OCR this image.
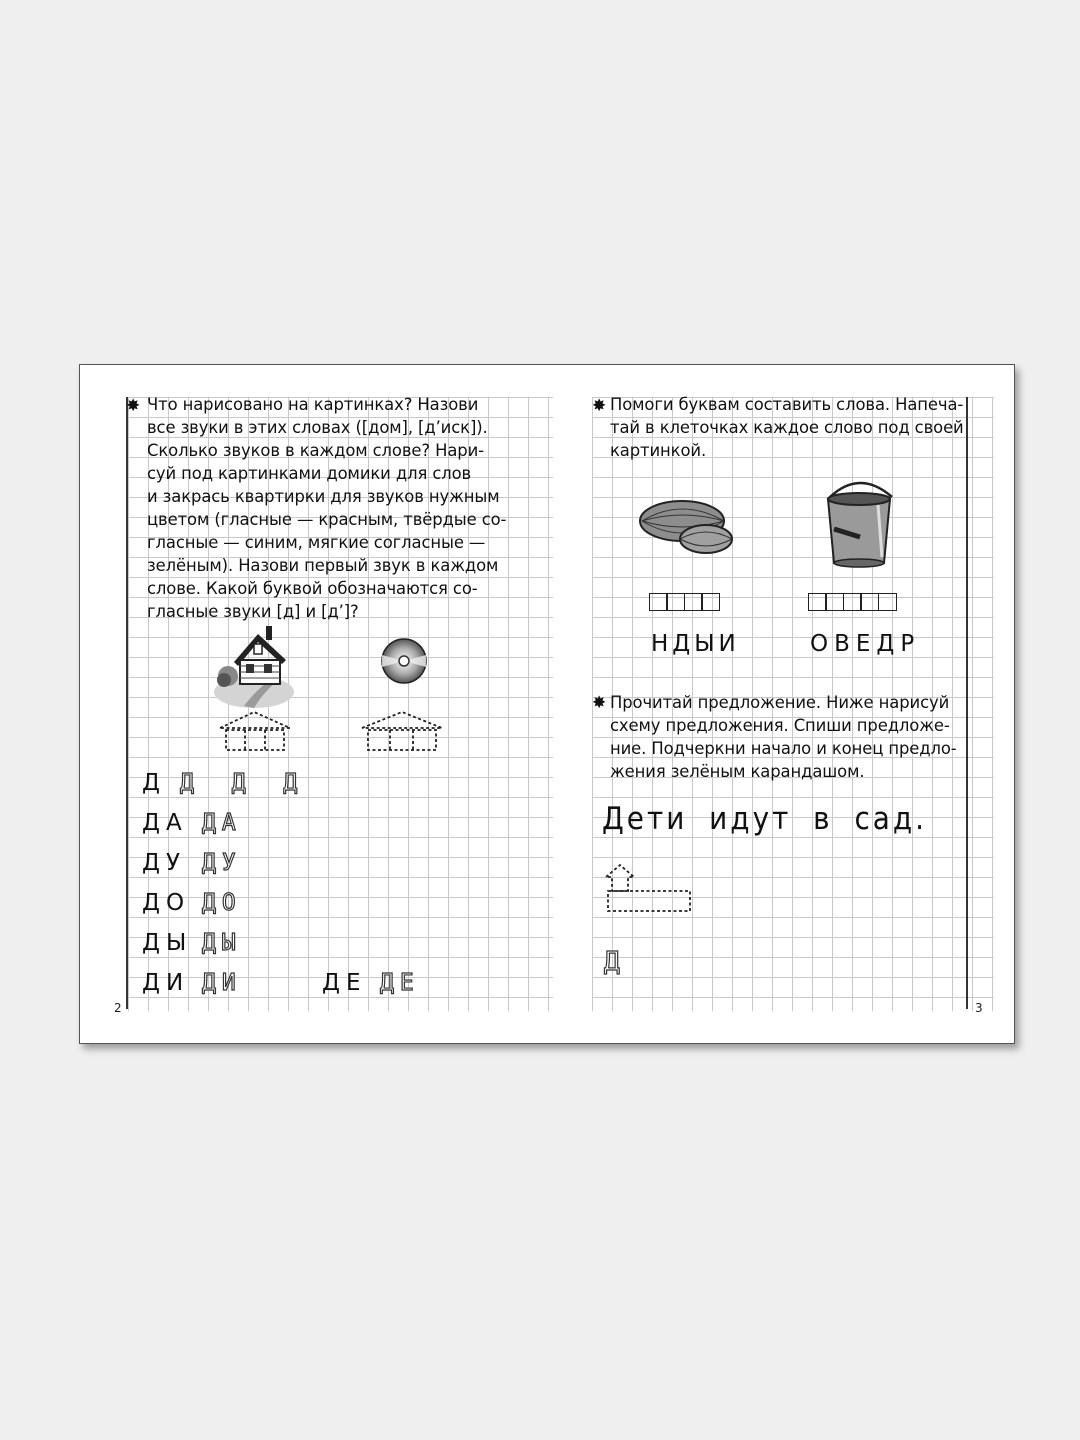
✸ Что нарисовано на картинках? Назови
все звуки в этих словах ([дом], [д’иск]).
Сколько звуков в каждом слове? Нари-
суй под картинками домики для слов
и закрась квартирки для звуков нужным
цветом (гласные — красным, твёрдые со-
гласные — синим, мягкие согласные —
зелёным). Назови первый звук в каждом
слове. Какой буквой обозначаются со-
гласные звуки [д] и [д’]?
Д Д Д Д
ДА ДА
ДУ ДУ
ДО ДО
ДЫ ДЫ
ДИ ДИ	ДЕ ДЕ
2
✸ Помоги буквам составить слова. Напеча-
тай в клеточках каждое слово под своей
картинкой.
НДЫИ	ОВЕДР
✸ Прочитай предложение. Ниже нарисуй
схему предложения. Спиши предложе-
ние. Подчеркни начало и конец предло-
жения зелёным карандашом.
Дети идут в сад.
Д
3
